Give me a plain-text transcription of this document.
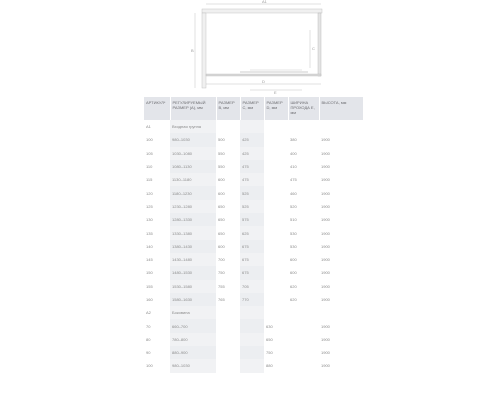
A1
B	C
D
E
АРТИКУЛ*	РЕГУЛИРУЕМЫЙ РАЗМЕР (A), мм	РАЗМЕР B, мм	РАЗМЕР C, мм	РАЗМЕР D, мм	ШИРИНА ПРОХОДА E, мм	ВЫСОТА, мм
A1	Входная группа					
100	980–1030	500	425		380	1900
105	1030–1080	550	425		400	1900
110	1080–1130	550	475		410	1900
115	1130–1180	600	475		475	1900
120	1180–1230	600	525		460	1900
125	1230–1280	650	525		520	1900
130	1280–1330	650	575		510	1900
135	1330–1380	650	625		530	1900
140	1380–1430	600	675		530	1900
145	1430–1480	700	675		600	1900
150	1480–1530	750	675		600	1900
155	1530–1580	755	705		620	1900
160	1580–1630	765	770		620	1900
A2	Боковина					
70	660–700			630		1900
80	780–800			650		1900
90	880–900			750		1900
100	980–1030			880		1900
